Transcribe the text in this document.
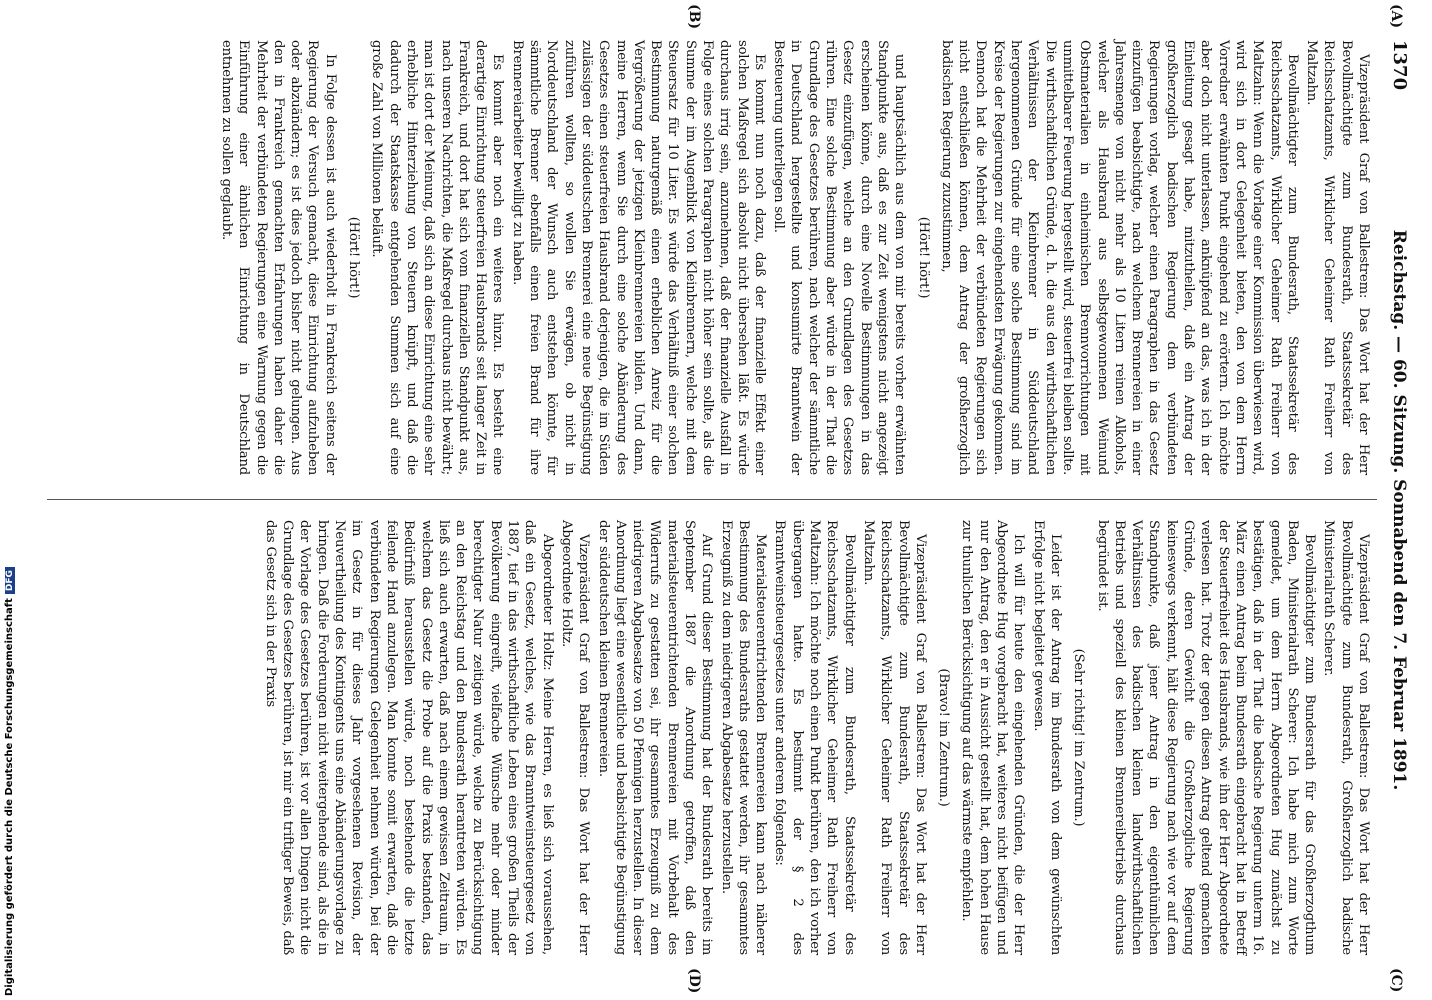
1370
Reichstag. — 60. Sitzung. Sonnabend den 7. Februar 1891.
(A)
(B)
(C)
(D)

Vizepräsident Graf von Ballestrem: Das Wort hat der Herr Bevollmächtigte zum Bundesrath, Staatssekretär des Reichsschatzamts, Wirklicher Geheimer Rath Freiherr von Maltzahn.

Bevollmächtigter zum Bundesrath, Staatssekretär des Reichsschatzamts, Wirklicher Geheimer Rath Freiherr von Maltzahn: Wenn die Vorlage einer Kommission überwiesen wird, wird sich in dort Gelegenheit bieten, den von dem Herrn Vorredner erwähnten Punkt eingehend zu erörtern. Ich möchte aber doch nicht unterlassen, anknüpfend an das, was ich in der Einleitung gesagt habe, mitzutheilen, daß ein Antrag der großherzoglich badischen Regierung dem verbündeten Regierungen vorlag, welcher einen Paragraphen in das Gesetz einzufügen beabsichtigte, nach welchem Brennereien in einer Jahresmenge von nicht mehr als 10 Litern reinen Alkohols, welcher als Hausbrand aus selbstgewonnenen Weinund Obstmaterialien in einheimischen Brennvorrichtungen mit unmittelbarer Feuerung hergestellt wird, steuerfrei bleiben sollte. Die wirthschaftlichen Gründe, d. h. die aus den wirthschaftlichen Verhältnissen der Kleinbrenner in Süddeutschland hergenommenen Gründe für eine solche Bestimmung sind im Kreise der Regierungen zur eingehendsten Erwägung gekommen. Dennoch hat die Mehrheit der verbündeten Regierungen sich nicht entschließen können, dem Antrag der großherzoglich badischen Regierung zuzustimmen,

(Hört! hört!)

und hauptsächlich aus dem von mir bereits vorher erwähnten Standpunkte aus, daß es zur Zeit wenigstens nicht angezeigt erscheinen könne, durch eine Novelle Bestimmungen in das Gesetz einzufügen, welche an den Grundlagen des Gesetzes rühren. Eine solche Bestimmung aber würde in der That die Grundlage des Gesetzes berühren, nach welcher der sämmtliche in Deutschland hergestellte und konsumirte Branntwein der Besteuerung unterliegen soll.

Es kommt nun noch dazu, daß der finanzielle Effekt einer solchen Maßregel sich absolut nicht übersehen läßt. Es würde durchaus irrig sein, anzunehmen, daß der finanzielle Ausfall in Folge eines solchen Paragraphen nicht höher sein sollte, als die Summe der im Augenblick von Kleinbrennern, welche mit dem Steuersatz für 10 Liter. Es würde das Verhältniß einer solchen Bestimmung naturgemäß einen erheblichen Anreiz für die Vergrößerung der jetzigen Kleinbrennereien bilden. Und dann, meine Herren, wenn Sie durch eine solche Abänderung des Gesetzes einen steuerfreien Hausbrand derjenigen, die im Süden zulässigen der süddeutschen Brennerei eine neue Begünstigung zuführen wollten, so wollen Sie erwägen, ob nicht in Norddeutschland der Wunsch auch entstehen könnte, für sämmtliche Brenner ebenfalls einen freien Brand für ihre Brennereiarbeiter bewilligt zu haben.

Es kommt aber noch ein weiteres hinzu. Es besteht eine derartige Einrichtung steuerfreien Hausbrands seit langer Zeit in Frankreich, und dort hat sich vom finanziellen Standpunkt aus, nach unseren Nachrichten, die Maßregel durchaus nicht bewährt; man ist dort der Meinung, daß sich an diese Einrichtung eine sehr erhebliche Hinterziehung von Steuern knüpft, und daß die dadurch der Staatskasse entgehenden Summen sich auf eine große Zahl von Millionen beläuft.

(Hört! hört!)

In Folge dessen ist auch wiederholt in Frankreich seitens der Regierung der Versuch gemacht, diese Einrichtung aufzuheben oder abzuändern; es ist dies jedoch bisher nicht gelungen. Aus den in Frankreich gemachten Erfahrungen haben daher die Mehrheit der verbündeten Regierungen eine Warnung gegen die Einführung einer ähnlichen Einrichtung in Deutschland entnehmen zu sollen geglaubt.

Vizepräsident Graf von Ballestrem: Das Wort hat der Herr Bevollmächtigte zum Bundesrath, Großherzoglich badische Ministerialrath Scherer.

Bevollmächtigter zum Bundesrath für das Großherzogthum Baden, Ministerialrath Scherer: Ich habe mich zum Worte gemeldet, um dem Herrn Abgeordneten Hug zunächst zu bestätigen, daß in der That die badische Regierung unterm 16. März einen Antrag beim Bundesrath eingebracht hat in Betreff der Steuerfreiheit des Hausbrands, wie ihn der Herr Abgeordnete verlesen hat. Trotz der gegen diesen Antrag geltend gemachten Gründe, deren Gewicht die Großherzogliche Regierung keineswegs verkennt, hält diese Regierung nach wie vor auf dem Standpunkte, daß jener Antrag in den eigenthümlichen Verhältnissen des badischen kleinen landwirthschaftlichen Betriebs und speziell des kleinen Brennereibetriebs durchaus begründet ist.

(Sehr richtig! im Zentrum.)

Leider ist der Antrag im Bundesrath von dem gewünschten Erfolge nicht begleitet gewesen.

Ich will für heute den eingehenden Gründen, die der Herr Abgeordnete Hug vorgebracht hat, weiteres nicht beifügen und nur den Antrag, den er in Aussicht gestellt hat, dem hohen Hause zur thunlichen Berücksichtigung auf das wärmste empfehlen.

(Bravo! im Zentrum.)

Vizepräsident Graf von Ballestrem: Das Wort hat der Herr Bevollmächtigte zum Bundesrath, Staatssekretär des Reichsschatzamts, Wirklicher Geheimer Rath Freiherr von Maltzahn.

Bevollmächtigter zum Bundesrath, Staatssekretär des Reichsschatzamts, Wirklicher Geheimer Rath Freiherr von Maltzahn: Ich möchte noch einen Punkt berühren, den ich vorher übergangen hatte. Es bestimmt der § 2 des Branntweinsteuergesetzes unter anderem folgendes:

Materialsteuerentrichtenden Brennereien kann nach näherer Bestimmung des Bundesraths gestattet werden, ihr gesammtes Erzeugniß zu dem niedrigeren Abgabesatze herzustellen.

Auf Grund dieser Bestimmung hat der Bundesrath bereits im September 1887 die Anordnung getroffen, daß den materialsteuerentrichtenden Brennereien mit Vorbehalt des Widerrufs zu gestatten sei, ihr gesammtes Erzeugniß zu dem niedrigeren Abgabesatze von 50 Pfennigen herzustellen. In dieser Anordnung liegt eine wesentliche und beabsichtigte Begünstigung der süddeutschen kleinen Brennereien.

Vizepräsident Graf von Ballestrem: Das Wort hat der Herr Abgeordnete Holtz.

Abgeordneter Holtz: Meine Herren, es ließ sich voraussehen, daß ein Gesetz, welches, wie das Branntweinsteuergesetz von 1887, tief in das wirthschaftliche Leben eines großen Theils der Bevölkerung eingreift, vielfache Wünsche mehr oder minder berechtigter Natur zeitigen würde, welche zu Berücksichtigung an den Reichstag und den Bundesrath herantreten würden. Es ließ sich auch erwarten, daß nach einem gewissen Zeitraum, in welchem das Gesetz die Probe auf die Praxis bestanden, das Bedürfniß herausstellen würde, noch bestehende die letzte feilende Hand anzulegen. Man konnte somit erwarten, daß die verbündeten Regierungen Gelegenheit nehmen würden, bei der im Gesetz in für dieses Jahr vorgesehenen Revision, der Neuvertheilung des Kontingents uns eine Abänderungsvorlage zu bringen. Daß die Forderungen nicht weitergehende sind, als die in der Vorlage des Gesetzes berühren, ist vor allen Dingen nicht die Grundlage des Gesetzes berühren, ist mir ein triftiger Beweis, daß das Gesetz sich in der Praxis

Digitalisierung gefördert durch die Deutsche ForschungsgemeinschaftDFG
